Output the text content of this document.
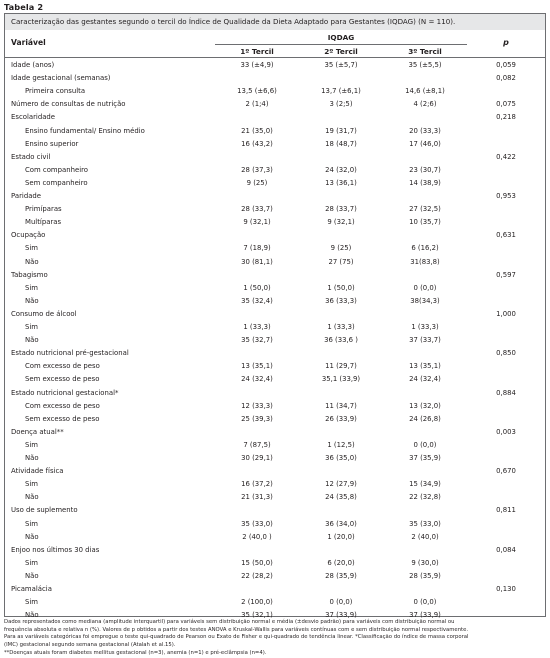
Tabela 2
Caracterização das gestantes segundo o tercil do Índice de Qualidade da Dieta Adaptado para Gestantes (IQDAG) (N = 110).
Variável
IQDAG
1º Tercil	2º Tercil	3º Tercil
p
Idade (anos)	33 (±4,9)	35 (±5,7)	35 (±5,5)	0,059
Idade gestacional (semanas)	0,082
Primeira consulta	13,5 (±6,6)	13,7 (±6,1)	14,6 (±8,1)
Número de consultas de nutrição	2 (1;4)	3 (2;5)	4 (2;6)	0,075
Escolaridade	0,218
Ensino fundamental/ Ensino médio	21 (35,0)	19 (31,7)	20 (33,3)
Ensino superior	16 (43,2)	18 (48,7)	17 (46,0)
Estado civil	0,422
Com companheiro	28 (37,3)	24 (32,0)	23 (30,7)
Sem companheiro	9 (25)	13 (36,1)	14 (38,9)
Paridade	0,953
Primíparas	28 (33,7)	28 (33,7)	27 (32,5)
Multíparas	9 (32,1)	9 (32,1)	10 (35,7)
Ocupação	0,631
Sim	7 (18,9)	9 (25)	6 (16,2)
Não	30 (81,1)	27 (75)	31(83,8)
Tabagismo	0,597
Sim	1 (50,0)	1 (50,0)	0 (0,0)
Não	35 (32,4)	36 (33,3)	38(34,3)
Consumo de álcool	1,000
Sim	1 (33,3)	1 (33,3)	1 (33,3)
Não	35 (32,7)	36 (33,6 )	37 (33,7)
Estado nutricional pré-gestacional	0,850
Com excesso de peso	13 (35,1)	11 (29,7)	13 (35,1)
Sem excesso de peso	24 (32,4)	35,1 (33,9)	24 (32,4)
Estado nutricional gestacional*	0,884
Com excesso de peso	12 (33,3)	11 (34,7)	13 (32,0)
Sem excesso de peso	25 (39,3)	26 (33,9)	24 (26,8)
Doença atual**	0,003
Sim	7 (87,5)	1 (12,5)	0 (0,0)
Não	30 (29,1)	36 (35,0)	37 (35,9)
Atividade física	0,670
Sim	16 (37,2)	12 (27,9)	15 (34,9)
Não	21 (31,3)	24 (35,8)	22 (32,8)
Uso de suplemento	0,811
Sim	35 (33,0)	36 (34,0)	35 (33,0)
Não	2 (40,0 )	1 (20,0)	2 (40,0)
Enjoo nos últimos 30 dias	0,084
Sim	15 (50,0)	6 (20,0)	9 (30,0)
Não	22 (28,2)	28 (35,9)	28 (35,9)
Picamalácia	0,130
Sim	2 (100,0)	0 (0,0)	0 (0,0)
Não	35 (32,1)	37 (33,9)	37 (33,9)
Dados representados como mediana (amplitude interquartil) para variáveis sem distribuição normal e média (±desvio padrão) para variáveis com distribuição normal ou
frequência absoluta e relativa n (%). Valores de p obtidos a partir dos testes ANOVA e Kruskal-Wallis para variáveis contínuas com e sem distribuição normal respectivamente.
Para as variáveis categóricas foi empregue o teste qui-quadrado de Pearson ou Exato de Fisher e qui-quadrado de tendência linear. *Classificação do índice de massa corporal
(IMC) gestacional segundo semana gestacional (Atalah et al.15).
**Doenças atuais foram diabetes mellitus gestacional (n=3), anemia (n=1) e pré-eclâmpsia (n=4).
